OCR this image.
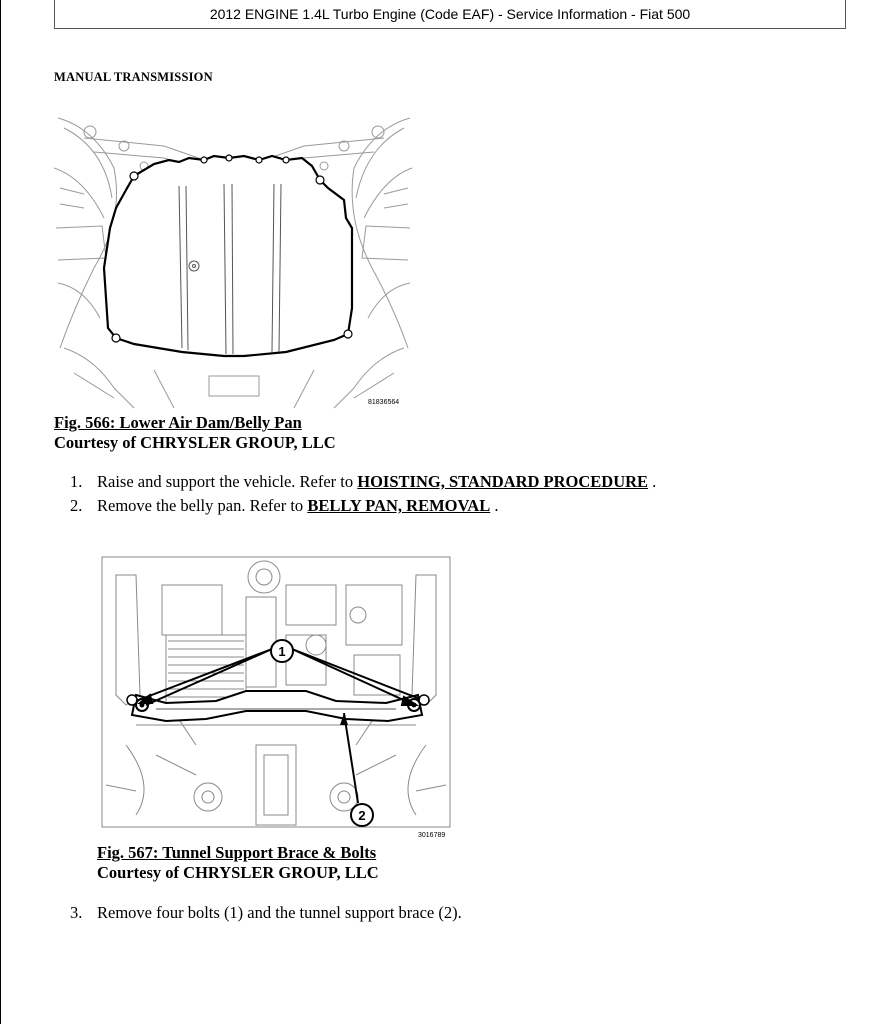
2012 ENGINE 1.4L Turbo Engine (Code EAF) - Service Information - Fiat 500
MANUAL TRANSMISSION
81836564
Fig. 566: Lower Air Dam/Belly Pan
Courtesy of CHRYSLER GROUP, LLC
1. Raise and support the vehicle. Refer to HOISTING, STANDARD PROCEDURE .
2. Remove the belly pan. Refer to BELLY PAN, REMOVAL .
1
2
3016789
Fig. 567: Tunnel Support Brace & Bolts
Courtesy of CHRYSLER GROUP, LLC
3. Remove four bolts (1) and the tunnel support brace (2).
